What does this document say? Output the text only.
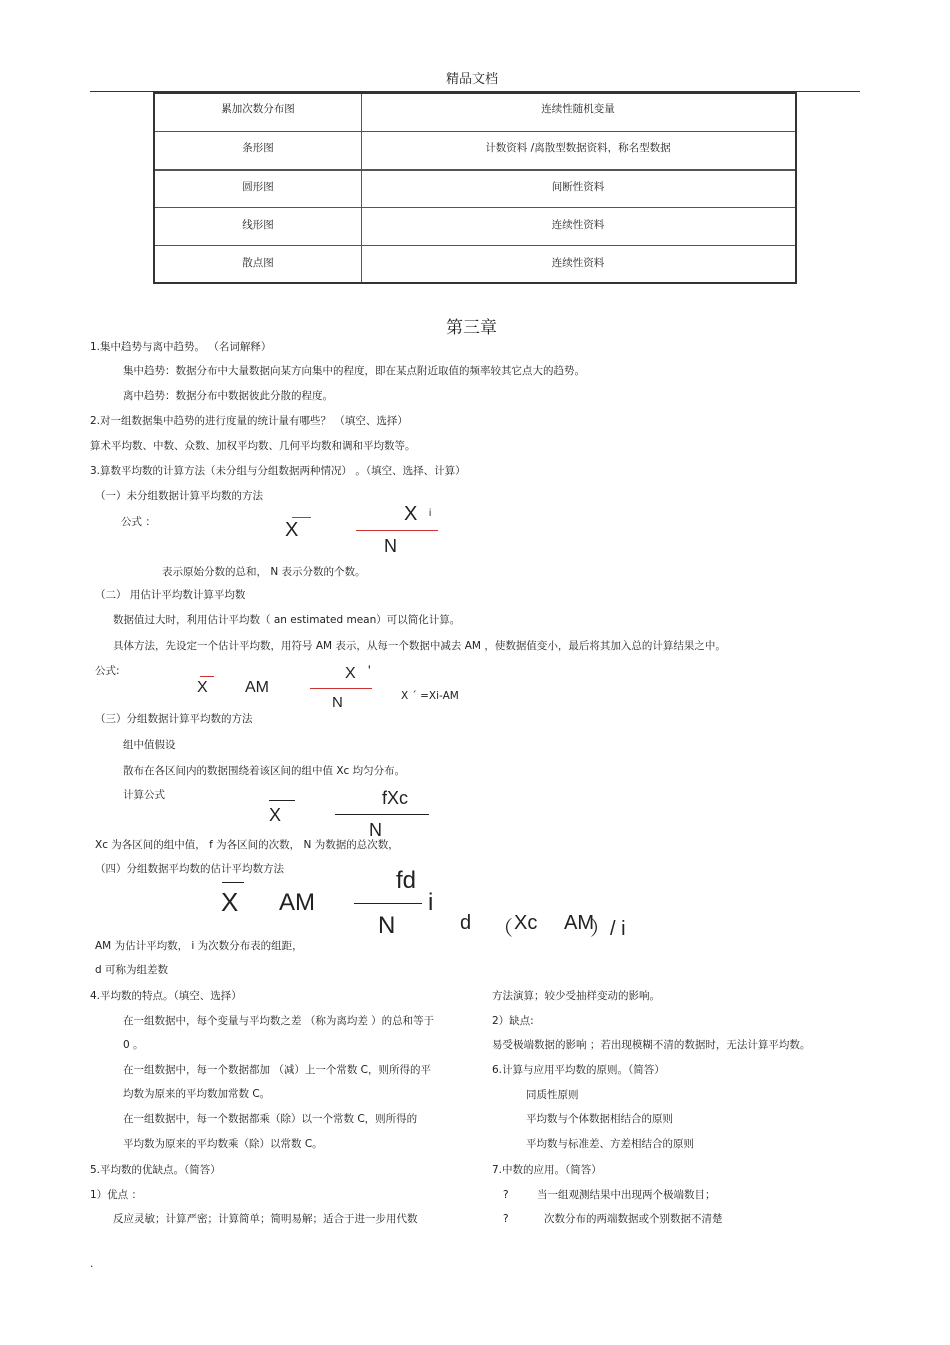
精品文档
累加次数分布图	连续性随机变量
条形图	计数资料 /离散型数据资料，称名型数据
圆形图	间断性资料
线形图	连续性资料
散点图	连续性资料
第三章
1.集中趋势与离中趋势。 （名词解释）
集中趋势：数据分布中大量数据向某方向集中的程度，即在某点附近取值的频率较其它点大的趋势。
离中趋势：数据分布中数据彼此分散的程度。
2.对一组数据集中趋势的进行度量的统计量有哪些？ （填空、选择）
算术平均数、中数、众数、加权平均数、几何平均数和调和平均数等。
3.算数平均数的计算方法（未分组与分组数据两种情况） 。（填空、选择、计算）
（一）未分组数据计算平均数的方法
公式 ：	X
X i
N
表示原始分数的总和， N 表示分数的个数。
（二） 用估计平均数计算平均数
数据值过大时，利用估计平均数（ an estimated mean）可以简化计算。
具体方法，先设定一个估计平均数，用符号 AM 表示，从每一个数据中减去 AM ，使数据值变小，最后将其加入总的计算结果之中。
公式:
X AM
X '
N	X ´ =Xi-AM
（三）分组数据计算平均数的方法
组中值假设
散布在各区间内的数据围绕着该区间的组中值 Xc 均匀分布。
计算公式
X
fXc
N
Xc 为各区间的组中值， f 为各区间的次数， N 为数据的总次数，
（四）分组数据平均数的估计平均数方法
X AM
fd
N
i
d （ Xc AM
）/ i
AM 为估计平均数， i 为次数分布表的组距，
d 可称为组差数
4.平均数的特点。（填空、选择）
在一组数据中，每个变量与平均数之差 （称为离均差 ）的总和等于
0 。
在一组数据中，每一个数据都加 （减）上一个常数 C，则所得的平
均数为原来的平均数加常数 C。
在一组数据中，每一个数据都乘（除）以一个常数 C，则所得的
平均数为原来的平均数乘（除）以常数 C。
5.平均数的优缺点。（简答）
1）优点 ：
反应灵敏；计算严密；计算简单；简明易解；适合于进一步用代数
方法演算；较少受抽样变动的影响。
2）缺点:
易受极端数据的影响 ；若出现模糊不清的数据时，无法计算平均数。
6.计算与应用平均数的原则。（简答）
同质性原则
平均数与个体数据相结合的原则
平均数与标准差、方差相结合的原则
7.中数的应用。（简答）
?	当一组观测结果中出现两个极端数目；
?	次数分布的两端数据或个别数据不清楚
.
